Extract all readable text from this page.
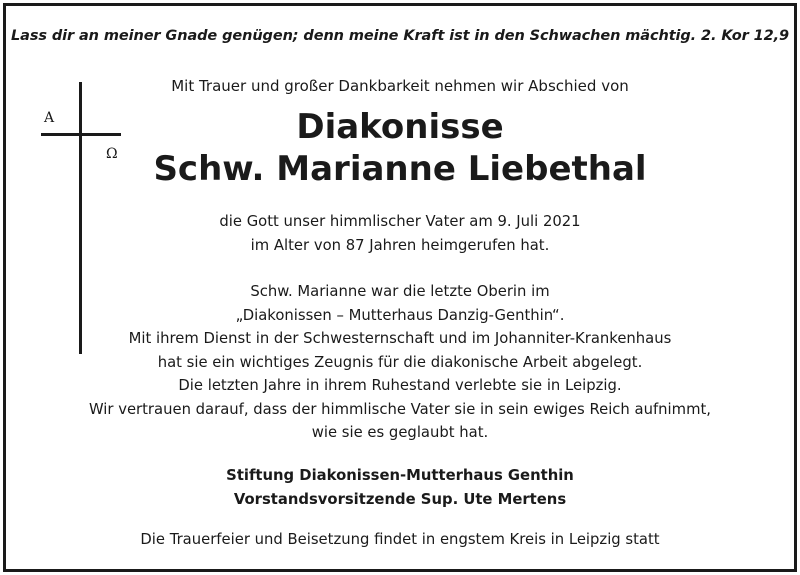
Lass dir an meiner Gnade genügen; denn meine Kraft ist in den Schwachen mächtig. 2. Kor 12,9
A
Ω
Mit Trauer und großer Dankbarkeit nehmen wir Abschied von
Diakonisse
Schw. Marianne Liebethal
die Gott unser himmlischer Vater am 9. Juli 2021
im Alter von 87 Jahren heimgerufen hat.
Schw. Marianne war die letzte Oberin im
„Diakonissen – Mutterhaus Danzig-Genthin“.
Mit ihrem Dienst in der Schwesternschaft und im Johanniter-Krankenhaus
hat sie ein wichtiges Zeugnis für die diakonische Arbeit abgelegt.
Die letzten Jahre in ihrem Ruhestand verlebte sie in Leipzig.
Wir vertrauen darauf, dass der himmlische Vater sie in sein ewiges Reich aufnimmt,
wie sie es geglaubt hat.
Stiftung Diakonissen-Mutterhaus Genthin
Vorstandsvorsitzende Sup. Ute Mertens
Die Trauerfeier und Beisetzung findet in engstem Kreis in Leipzig statt
